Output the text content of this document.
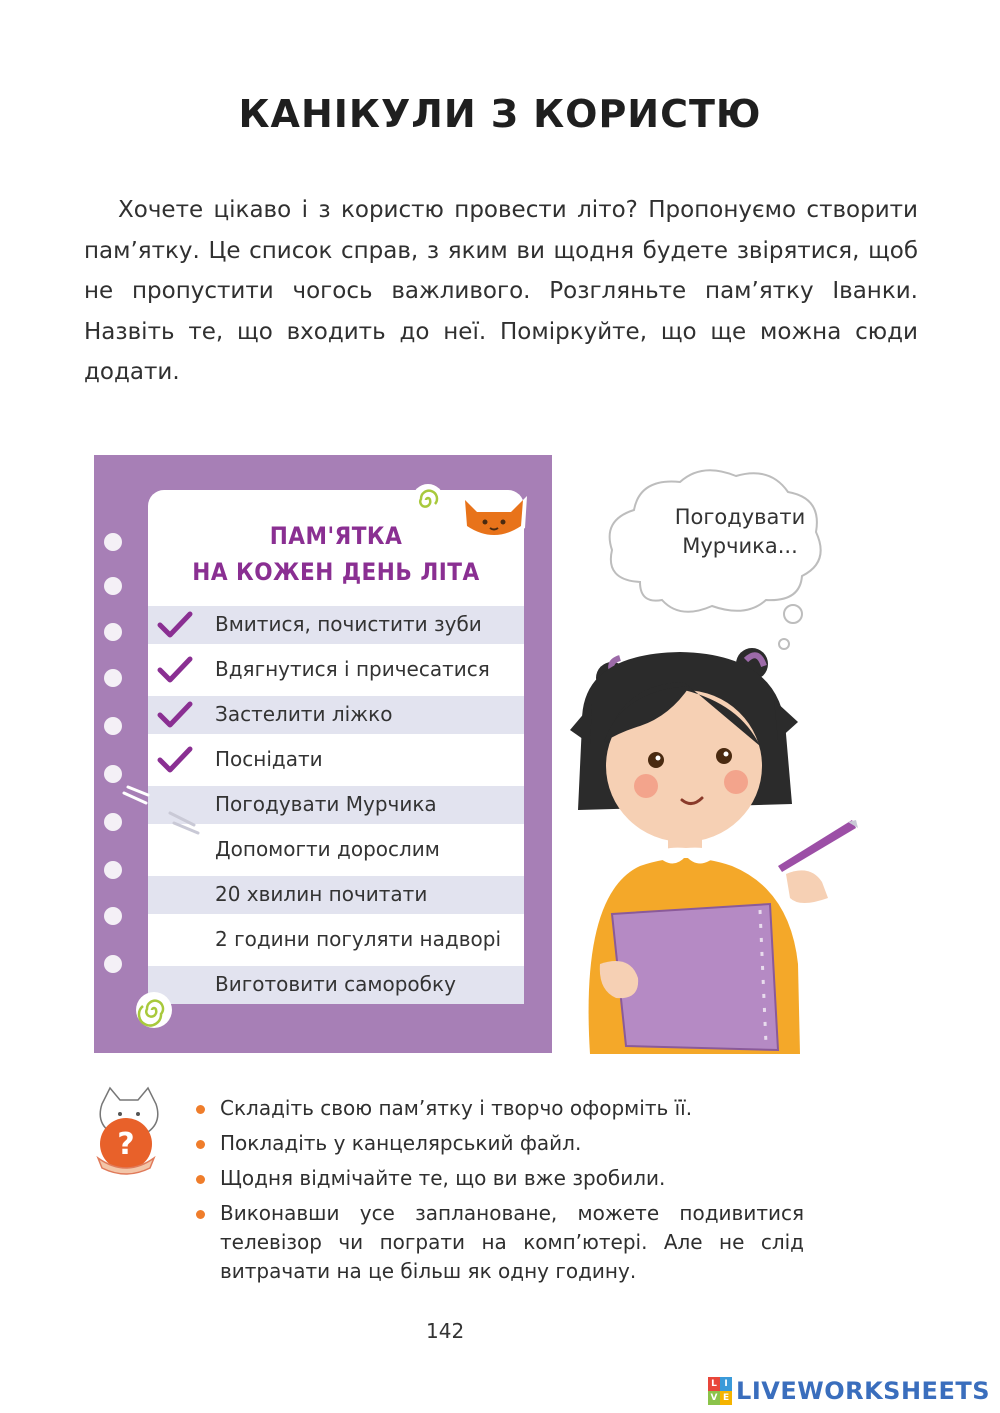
КАНІКУЛИ З КОРИСТЮ
Хочете цікаво і з користю провести літо? Пропонуємо створити пам’ятку. Це список справ, з яким ви щодня будете звірятися, щоб не пропустити чогось важливого. Розгляньте пам’ятку Іванки. Назвіть те, що входить до неї. Поміркуйте, що ще можна сюди додати.
ПАМ'ЯТКА
НА КОЖЕН ДЕНЬ ЛІТА
Вмитися, почистити зуби
Вдягнутися і причесатися
Застелити ліжко
Поснідати
Погодувати Мурчика
Допомогти дорослим
20 хвилин почитати
2 години погуляти надворі
Виготовити саморобку
Погодувати
Мурчика...
?
Складіть свою пам’ятку і творчо оформіть її.
Покладіть у канцелярський файл.
Щодня відмічайте те, що ви вже зробили.
Виконавши усе заплановане, можете подивитися телевізор чи пограти на комп’ютері. Але не слід витрачати на це більш як одну годину.
142
L I
V E LIVEWORKSHEETS
